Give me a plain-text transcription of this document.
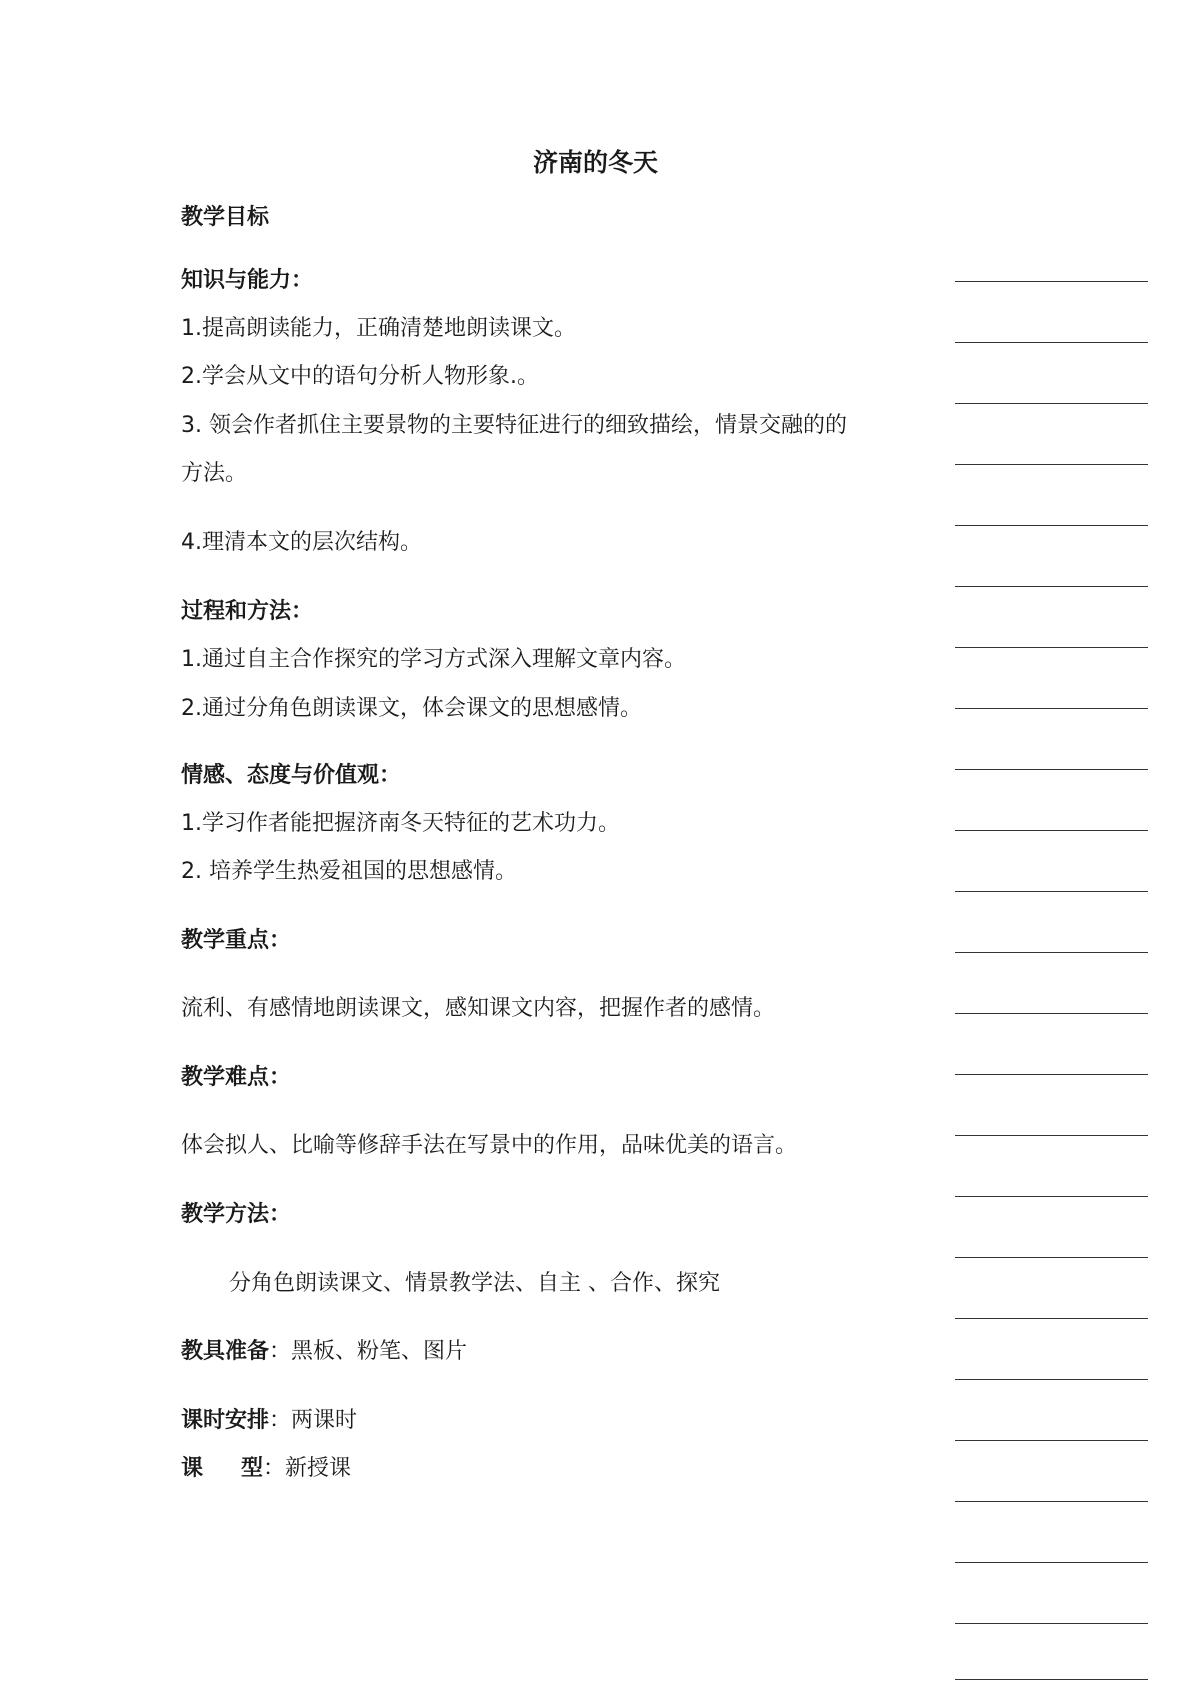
济南的冬天
教学目标
知识与能力：
1.提高朗读能力，正确清楚地朗读课文。
2.学会从文中的语句分析人物形象.。
3. 领会作者抓住主要景物的主要特征进行的细致描绘，情景交融的的
方法。
4.理清本文的层次结构。
过程和方法：
1.通过自主合作探究的学习方式深入理解文章内容。
2.通过分角色朗读课文，体会课文的思想感情。
情感、态度与价值观：
1.学习作者能把握济南冬天特征的艺术功力。
2. 培养学生热爱祖国的思想感情。
教学重点：
流利、有感情地朗读课文，感知课文内容，把握作者的感情。
教学难点：
体会拟人、比喻等修辞手法在写景中的作用，品味优美的语言。
教学方法：
分角色朗读课文、情景教学法、自主 、合作、探究
教具准备：黑板、粉笔、图片
课时安排：两课时
课 型：新授课
